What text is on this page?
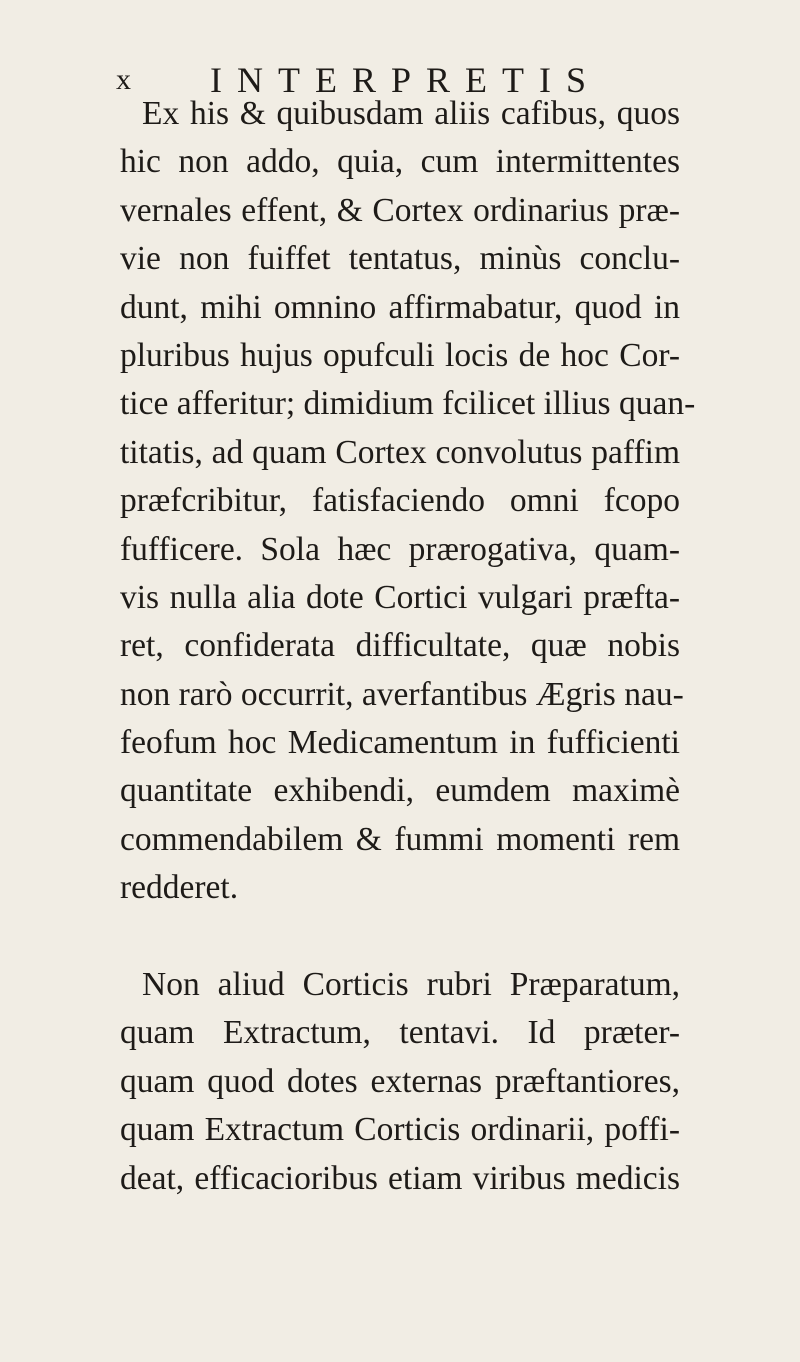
x INTERPRETIS
Ex his & quibusdam aliis cafibus, quos
hic non addo, quia, cum intermittentes
vernales effent, & Cortex ordinarius præ-
vie non fuiffet tentatus, minùs conclu-
dunt, mihi omnino affirmabatur, quod in
pluribus hujus opufculi locis de hoc Cor-
tice afferitur; dimidium fcilicet illius quan-
titatis, ad quam Cortex convolutus paffim
præfcribitur, fatisfaciendo omni fcopo
fufficere. Sola hæc prærogativa, quam-
vis nulla alia dote Cortici vulgari præfta-
ret, confiderata difficultate, quæ nobis
non rarò occurrit, averfantibus Ægris nau-
feofum hoc Medicamentum in fufficienti
quantitate exhibendi, eumdem maximè
commendabilem & fummi momenti rem
redderet.
Non aliud Corticis rubri Præparatum,
quam Extractum, tentavi. Id præter-
quam quod dotes externas præftantiores,
quam Extractum Corticis ordinarii, poffi-
deat, efficacioribus etiam viribus medicis
